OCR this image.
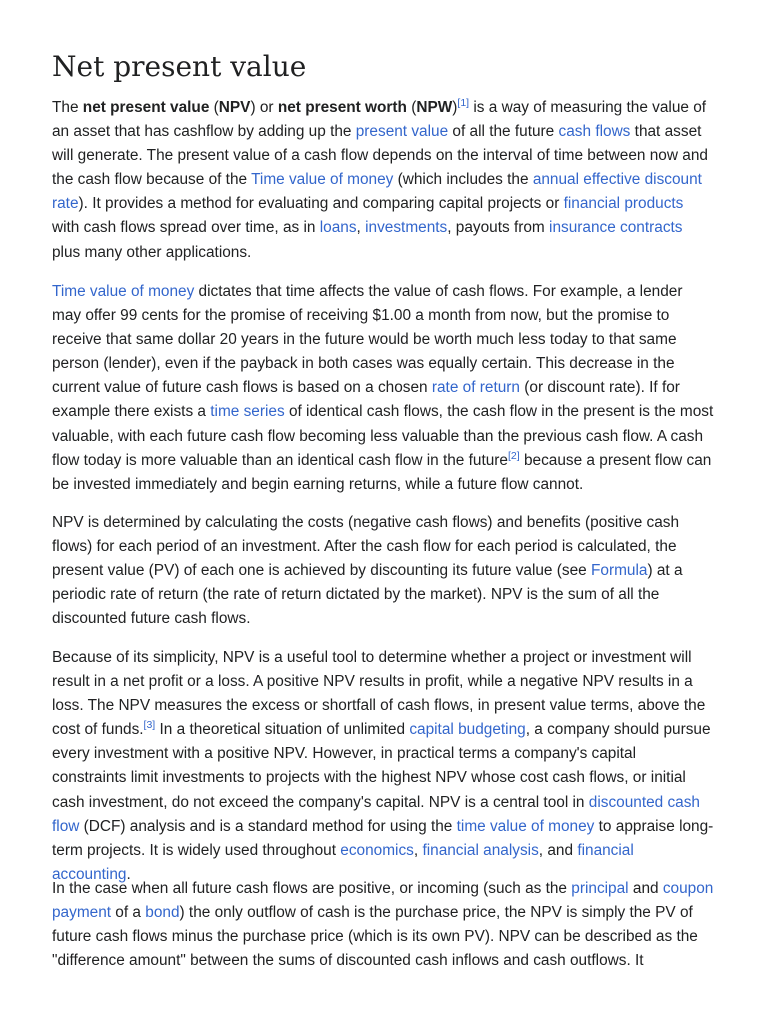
Net present value

The net present value (NPV) or net present worth (NPW)[1] is a way of measuring the value of an asset that has cashflow by adding up the present value of all the future cash flows that asset will generate. The present value of a cash flow depends on the interval of time between now and the cash flow because of the Time value of money (which includes the annual effective discount rate). It provides a method for evaluating and comparing capital projects or financial products with cash flows spread over time, as in loans, investments, payouts from insurance contracts plus many other applications.

Time value of money dictates that time affects the value of cash flows. For example, a lender may offer 99 cents for the promise of receiving $1.00 a month from now, but the promise to receive that same dollar 20 years in the future would be worth much less today to that same person (lender), even if the payback in both cases was equally certain. This decrease in the current value of future cash flows is based on a chosen rate of return (or discount rate). If for example there exists a time series of identical cash flows, the cash flow in the present is the most valuable, with each future cash flow becoming less valuable than the previous cash flow. A cash flow today is more valuable than an identical cash flow in the future[2] because a present flow can be invested immediately and begin earning returns, while a future flow cannot.

NPV is determined by calculating the costs (negative cash flows) and benefits (positive cash flows) for each period of an investment. After the cash flow for each period is calculated, the present value (PV) of each one is achieved by discounting its future value (see Formula) at a periodic rate of return (the rate of return dictated by the market). NPV is the sum of all the discounted future cash flows.

Because of its simplicity, NPV is a useful tool to determine whether a project or investment will result in a net profit or a loss. A positive NPV results in profit, while a negative NPV results in a loss. The NPV measures the excess or shortfall of cash flows, in present value terms, above the cost of funds.[3] In a theoretical situation of unlimited capital budgeting, a company should pursue every investment with a positive NPV. However, in practical terms a company's capital constraints limit investments to projects with the highest NPV whose cost cash flows, or initial cash investment, do not exceed the company's capital. NPV is a central tool in discounted cash flow (DCF) analysis and is a standard method for using the time value of money to appraise long-term projects. It is widely used throughout economics, financial analysis, and financial accounting.

In the case when all future cash flows are positive, or incoming (such as the principal and coupon payment of a bond) the only outflow of cash is the purchase price, the NPV is simply the PV of future cash flows minus the purchase price (which is its own PV). NPV can be described as the "difference amount" between the sums of discounted cash inflows and cash outflows. It
